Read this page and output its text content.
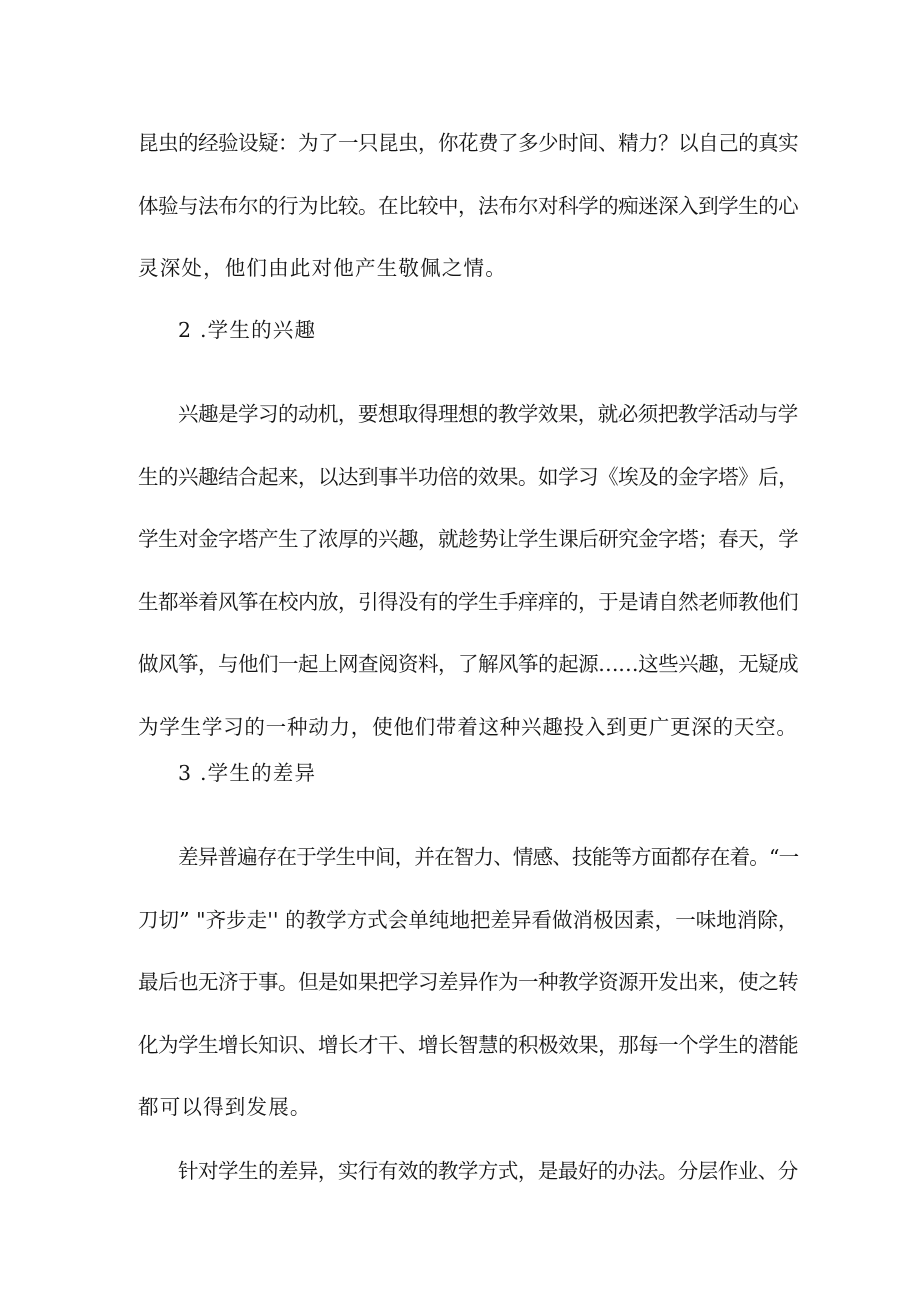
昆虫的经验设疑：为了一只昆虫，你花费了多少时间、精力？以自己的真实
体验与法布尔的行为比较。在比较中，法布尔对科学的痴迷深入到学生的心
灵深处，他们由此对他产生敬佩之情。
2 .学生的兴趣
兴趣是学习的动机，要想取得理想的教学效果，就必须把教学活动与学
生的兴趣结合起来，以达到事半功倍的效果。如学习《埃及的金字塔》后，
学生对金字塔产生了浓厚的兴趣，就趁势让学生课后研究金字塔；春天，学
生都举着风筝在校内放，引得没有的学生手痒痒的，于是请自然老师教他们
做风筝，与他们一起上网查阅资料，了解风筝的起源……这些兴趣，无疑成
为学生学习的一种动力，使他们带着这种兴趣投入到更广更深的天空。
3 .学生的差异
差异普遍存在于学生中间，并在智力、情感、技能等方面都存在着。“一
刀切” "齐步走'' 的教学方式会单纯地把差异看做消极因素，一味地消除，
最后也无济于事。但是如果把学习差异作为一种教学资源开发出来，使之转
化为学生增长知识、增长才干、增长智慧的积极效果，那每一个学生的潜能
都可以得到发展。
针对学生的差异，实行有效的教学方式，是最好的办法。分层作业、分
